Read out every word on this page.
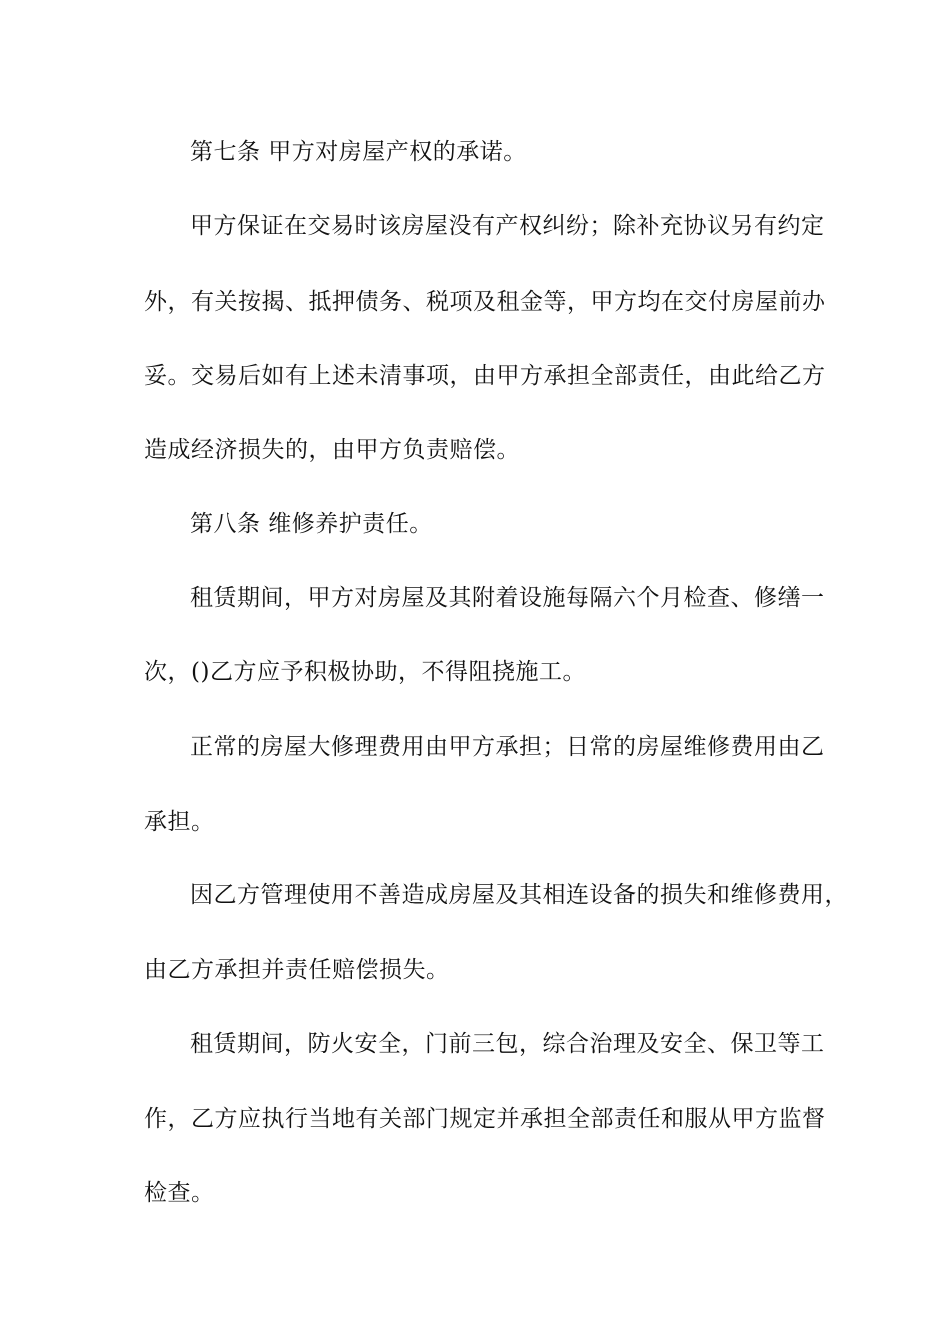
第七条 甲方对房屋产权的承诺。
甲方保证在交易时该房屋没有产权纠纷；除补充协议另有约定
外，有关按揭、抵押债务、税项及租金等，甲方均在交付房屋前办
妥。交易后如有上述未清事项，由甲方承担全部责任，由此给乙方
造成经济损失的，由甲方负责赔偿。
第八条 维修养护责任。
租赁期间，甲方对房屋及其附着设施每隔六个月检查、修缮一
次，()乙方应予积极协助，不得阻挠施工。
正常的房屋大修理费用由甲方承担；日常的房屋维修费用由乙
承担。
因乙方管理使用不善造成房屋及其相连设备的损失和维修费用，
由乙方承担并责任赔偿损失。
租赁期间，防火安全，门前三包，综合治理及安全、保卫等工
作，乙方应执行当地有关部门规定并承担全部责任和服从甲方监督
检查。
